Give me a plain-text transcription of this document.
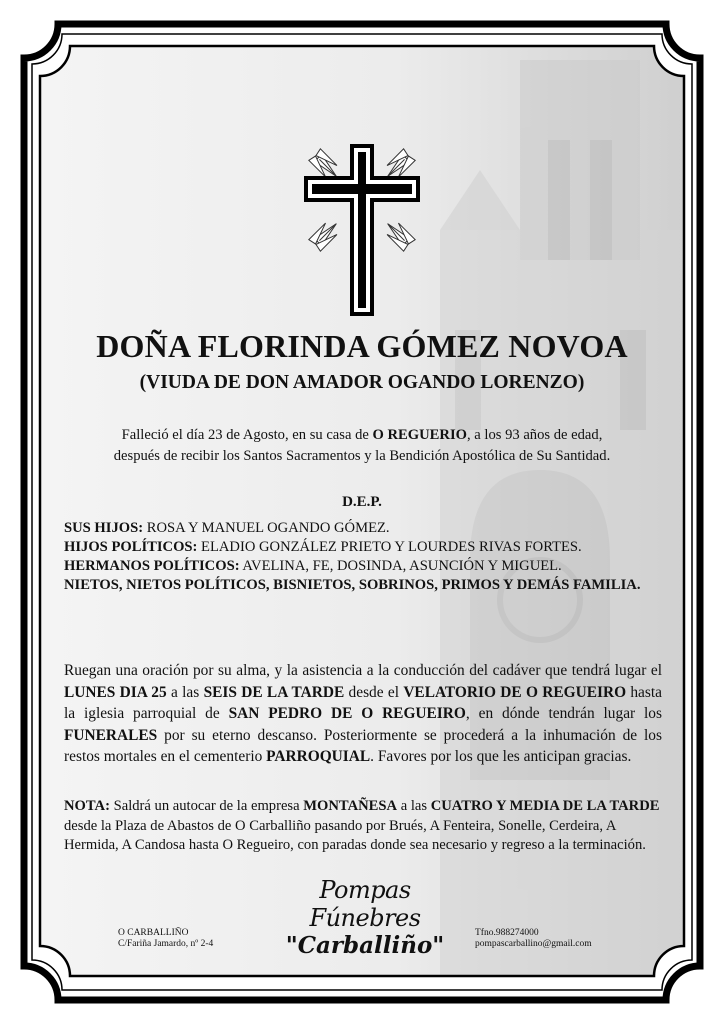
DOÑA FLORINDA GÓMEZ NOVOA
(VIUDA DE DON AMADOR OGANDO LORENZO)

Falleció el día 23 de Agosto, en su casa de O REGUERIO, a los 93 años de edad,
después de recibir los Santos Sacramentos y la Bendición Apostólica de Su Santidad.

D.E.P.

SUS HIJOS: ROSA Y MANUEL OGANDO GÓMEZ.

HIJOS POLÍTICOS: ELADIO GONZÁLEZ PRIETO Y LOURDES RIVAS FORTES.

HERMANOS POLÍTICOS: AVELINA, FE, DOSINDA, ASUNCIÓN Y MIGUEL.

NIETOS, NIETOS POLÍTICOS, BISNIETOS, SOBRINOS, PRIMOS Y DEMÁS FAMILIA.

Ruegan una oración por su alma, y la asistencia a la conducción del cadáver que tendrá lugar el LUNES DIA 25 a las SEIS DE LA TARDE desde el VELATORIO DE O REGUEIRO hasta la iglesia parroquial de SAN PEDRO DE O REGUEIRO, en dónde tendrán lugar los FUNERALES por su eterno descanso. Posteriormente se procederá a la inhumación de los restos mortales en el cementerio PARROQUIAL. Favores por los que les anticipan gracias.

NOTA: Saldrá un autocar de la empresa MONTAÑESA a las CUATRO Y MEDIA DE LA TARDE desde la Plaza de Abastos de O Carballiño pasando por Brués, A Fenteira, Sonelle, Cerdeira, A Hermida, A Candosa hasta O Regueiro, con paradas donde sea necesario y regreso a la terminación.

Pompas Fúnebres
"Carballiño"
O CARBALLIÑO
C/Fariña Jamardo, nº 2-4
Tfno.988274000
pompascarballino@gmail.com
